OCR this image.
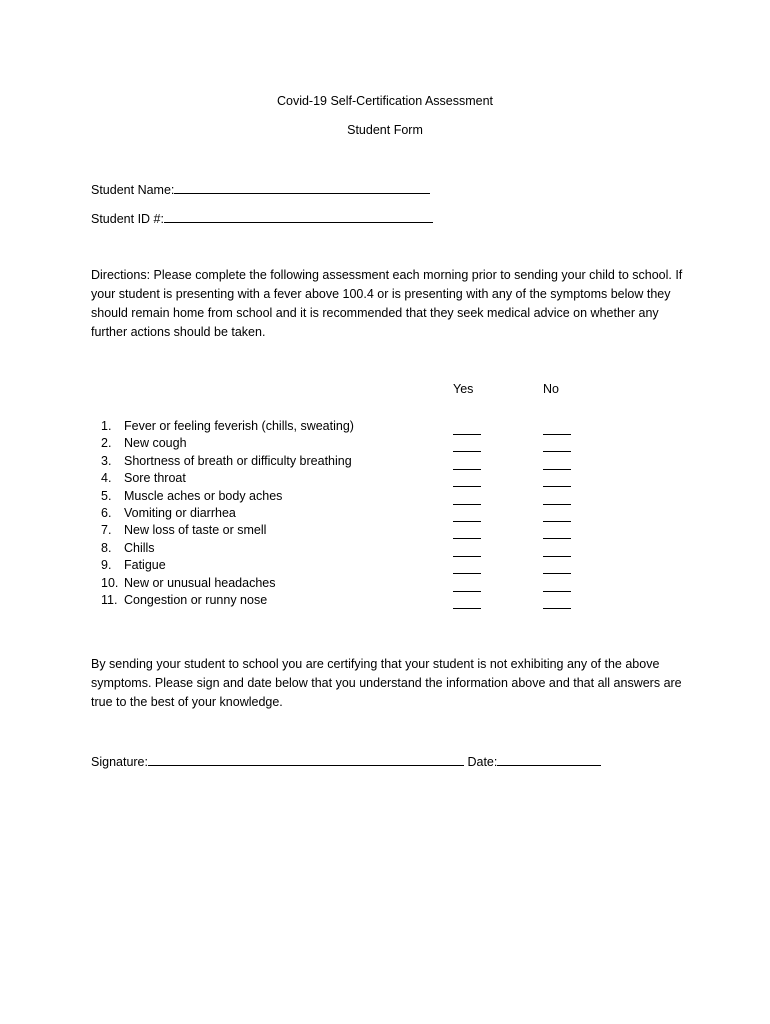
Covid-19 Self-Certification Assessment
Student Form
Student Name:
Student ID #:
Directions: Please complete the following assessment each morning prior to sending your child to school. If your student is presenting with a fever above 100.4 or is presenting with any of the symptoms below they should remain home from school and it is recommended that they seek medical advice on whether any further actions should be taken.
Yes	No
1.	Fever or feeling feverish (chills, sweating)
2.	New cough
3.	Shortness of breath or difficulty breathing
4.	Sore throat
5.	Muscle aches or body aches
6.	Vomiting or diarrhea
7.	New loss of taste or smell
8.	Chills
9.	Fatigue
10. New or unusual headaches
11. Congestion or runny nose
By sending your student to school you are certifying that your student is not exhibiting any of the above symptoms. Please sign and date below that you understand the information above and that all answers are true to the best of your knowledge.
Signature:	Date:
